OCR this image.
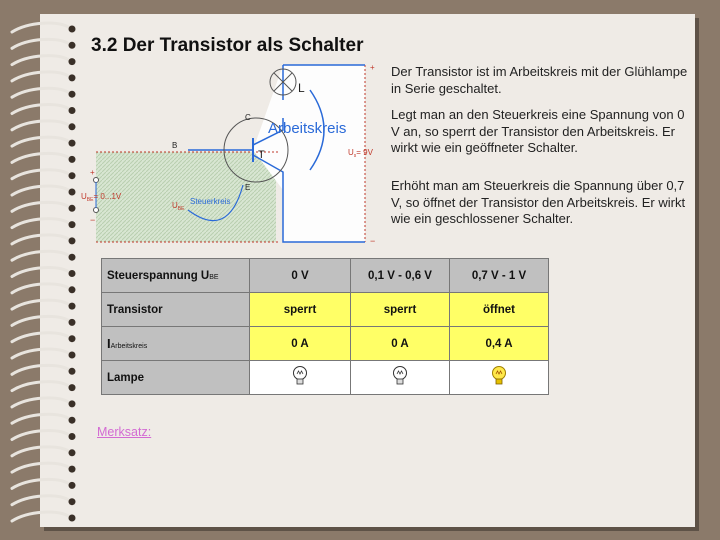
3.2 Der Transistor als Schalter
L
C
B
T
E
Arbeitskreis
Steuerkreis
+
−
+
−
$U_{BE}= 0...1V$
$U_s= 9V$
$U_{BE}$
Der Transistor ist im Arbeitskreis mit der Glühlampe in Serie geschaltet.
Legt man an den Steuerkreis eine Spannung von 0 V an, so sperrt der Transistor den Arbeitskreis. Er wirkt wie ein geöffneter Schalter.
Erhöht man am Steuerkreis die Spannung über 0,7 V, so öffnet der Transistor den Arbeitskreis. Er wirkt wie ein geschlossener Schalter.
Steuerspannung UBE	0 V	0,1 V - 0,6 V	0,7 V - 1 V
Transistor	sperrt	sperrt	öffnet
IArbeitskreis	0 A	0 A	0,4 A
Lampe			
Merksatz:
